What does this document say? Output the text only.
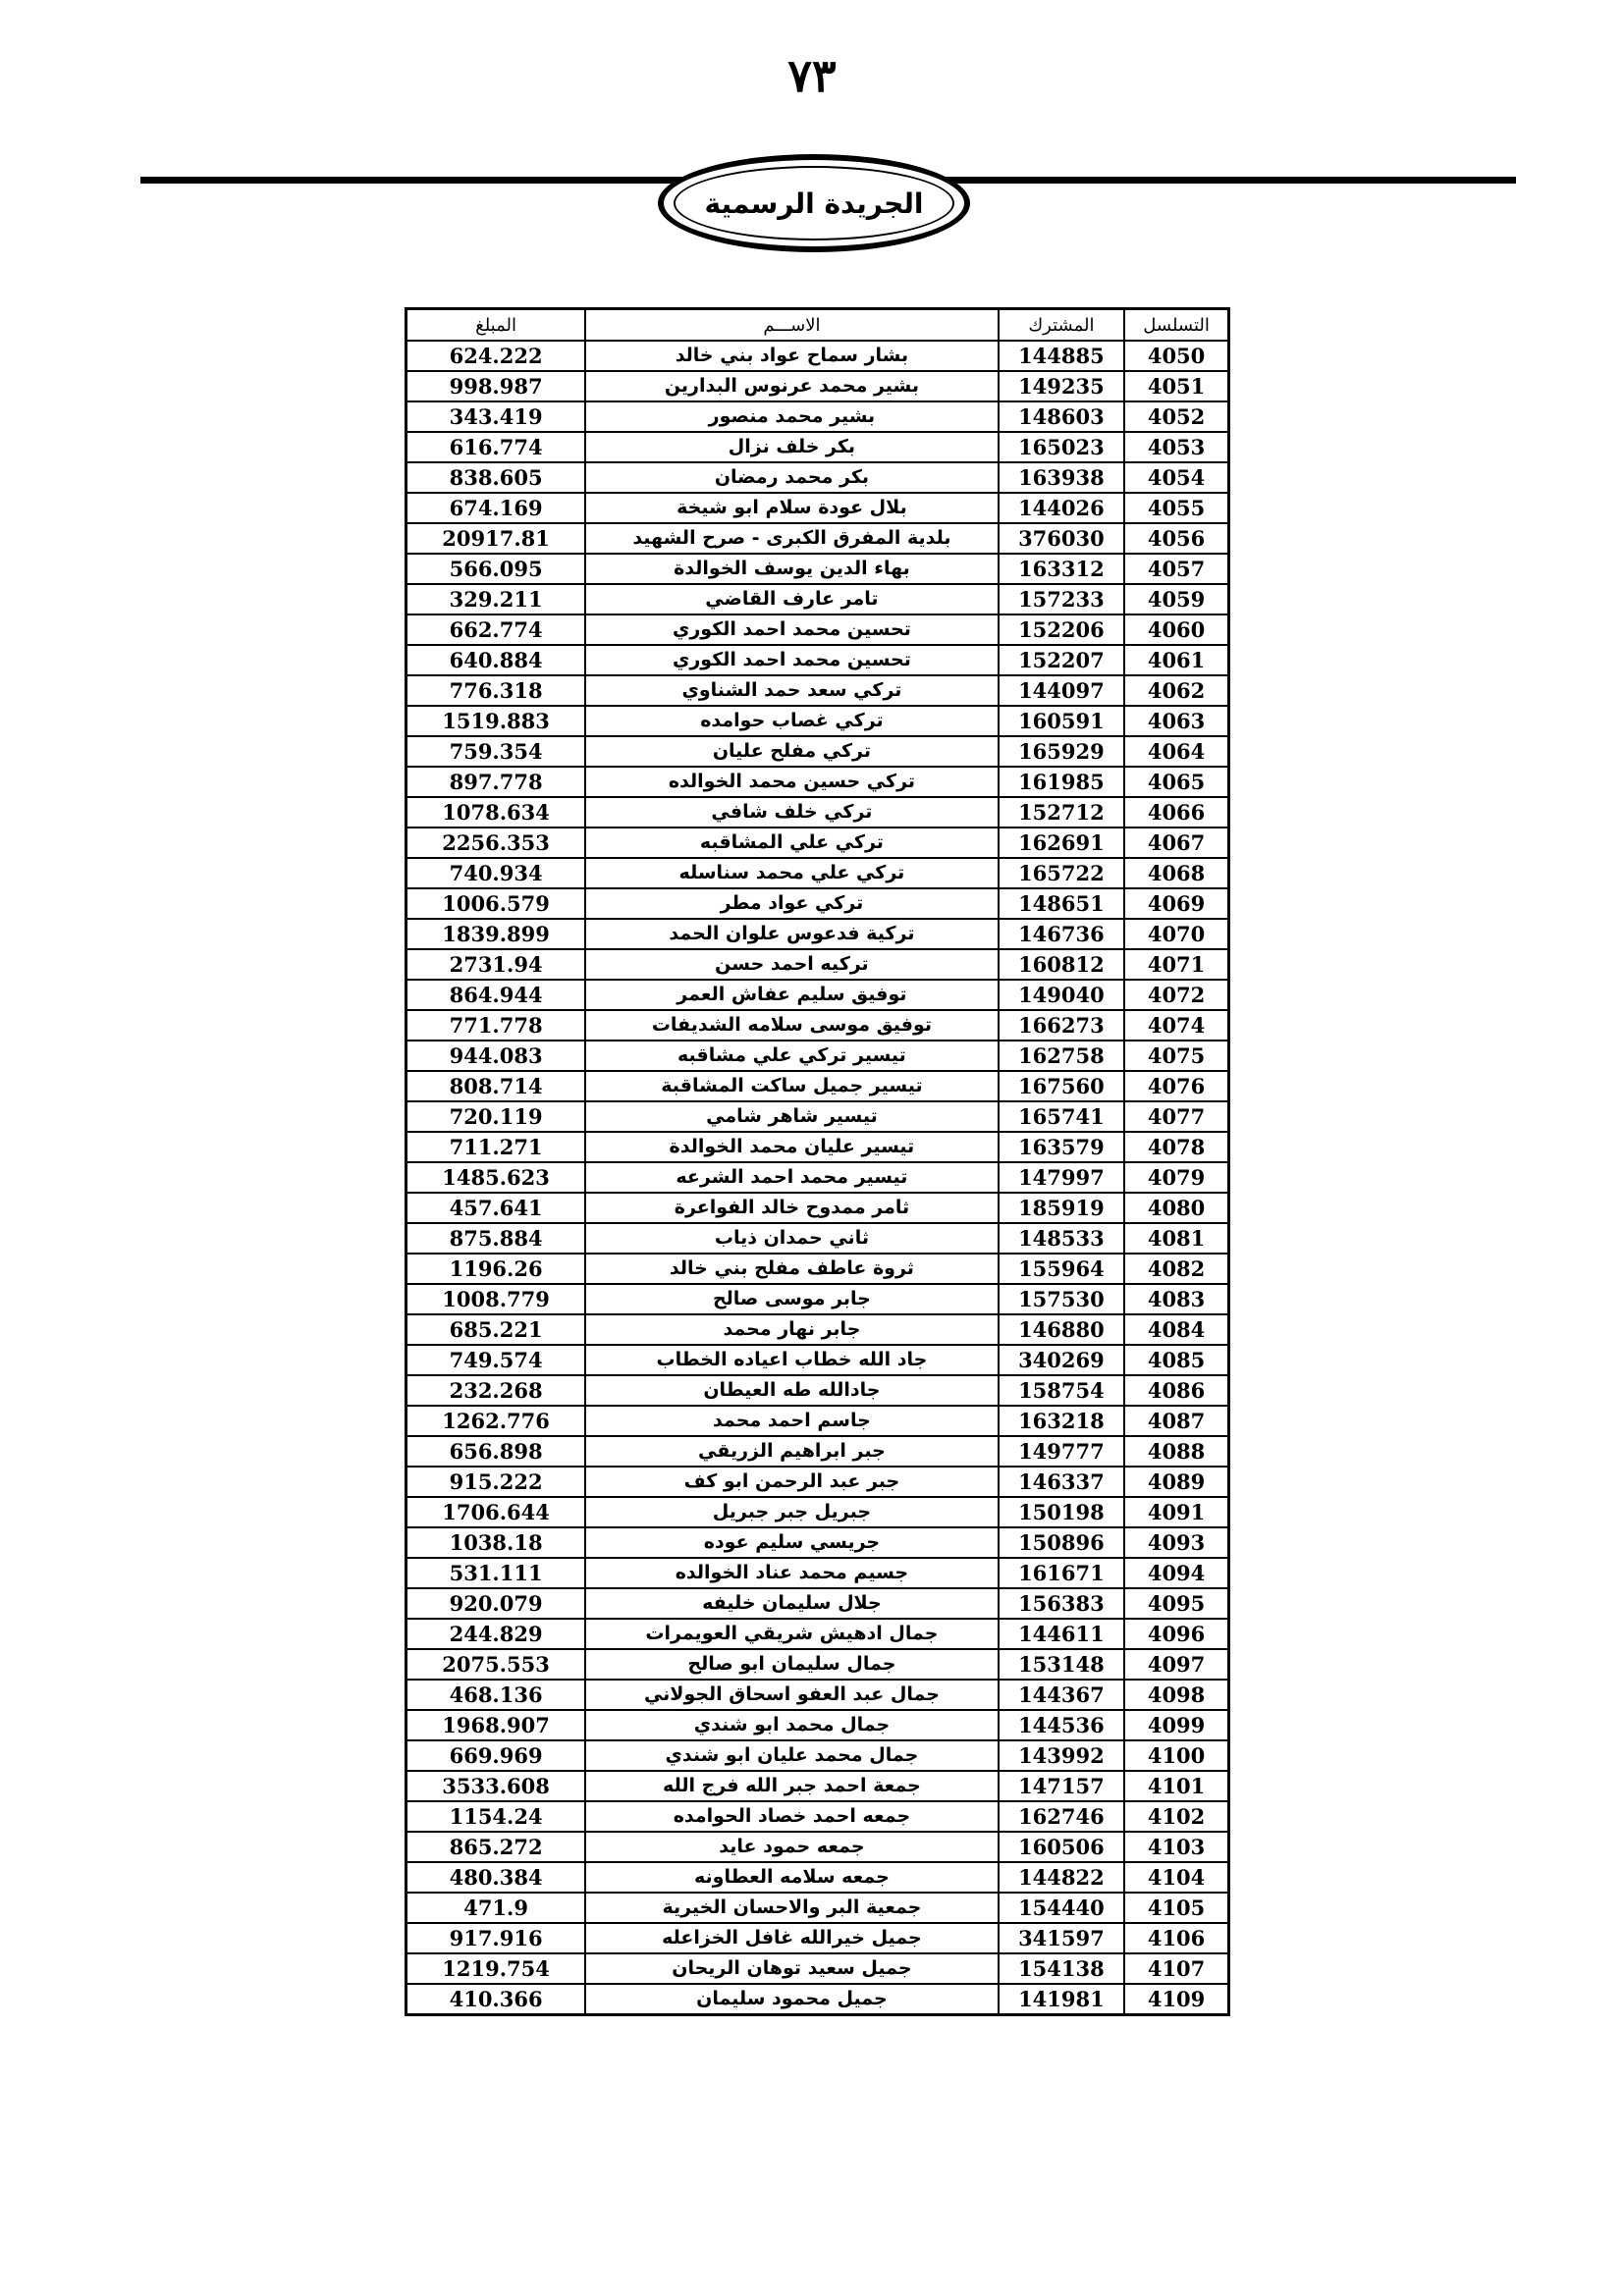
٧٣
الجريدة الرسمية
التسلسل	المشترك	الاســـم	المبلغ
4050	144885	بشار سماح عواد بني خالد	624.222
4051	149235	بشير محمد عرنوس البدارين	998.987
4052	148603	بشير محمد منصور	343.419
4053	165023	بكر خلف نزال	616.774
4054	163938	بكر محمد رمضان	838.605
4055	144026	بلال عودة سلام ابو شيخة	674.169
4056	376030	بلدية المفرق الكبرى - صرح الشهيد	20917.81
4057	163312	بهاء الدين يوسف الخوالدة	566.095
4059	157233	تامر عارف القاضي	329.211
4060	152206	تحسين محمد احمد الكوري	662.774
4061	152207	تحسين محمد احمد الكوري	640.884
4062	144097	تركي سعد حمد الشناوي	776.318
4063	160591	تركي غصاب حوامده	1519.883
4064	165929	تركي مفلح عليان	759.354
4065	161985	تركي حسين محمد الخوالده	897.778
4066	152712	تركي خلف شافي	1078.634
4067	162691	تركي علي المشاقبه	2256.353
4068	165722	تركي علي محمد سناسله	740.934
4069	148651	تركي عواد مطر	1006.579
4070	146736	تركية فدعوس علوان الحمد	1839.899
4071	160812	تركيه احمد حسن	2731.94
4072	149040	توفيق سليم عفاش العمر	864.944
4074	166273	توفيق موسى سلامه الشديفات	771.778
4075	162758	تيسير تركي علي مشاقبه	944.083
4076	167560	تيسير جميل ساكت المشاقبة	808.714
4077	165741	تيسير شاهر شامي	720.119
4078	163579	تيسير عليان محمد الخوالدة	711.271
4079	147997	تيسير محمد احمد الشرعه	1485.623
4080	185919	ثامر ممدوح خالد الفواعرة	457.641
4081	148533	ثاني حمدان ذياب	875.884
4082	155964	ثروة عاطف مفلح بني خالد	1196.26
4083	157530	جابر موسى صالح	1008.779
4084	146880	جابر نهار محمد	685.221
4085	340269	جاد الله خطاب اعياده الخطاب	749.574
4086	158754	جادالله طه العيطان	232.268
4087	163218	جاسم احمد محمد	1262.776
4088	149777	جبر ابراهيم الزريقي	656.898
4089	146337	جبر عبد الرحمن ابو كف	915.222
4091	150198	جبريل جبر جبريل	1706.644
4093	150896	جريسي سليم عوده	1038.18
4094	161671	جسيم محمد عناد الخوالده	531.111
4095	156383	جلال سليمان خليفه	920.079
4096	144611	جمال ادهيش شريقي العويمرات	244.829
4097	153148	جمال سليمان ابو صالح	2075.553
4098	144367	جمال عبد العفو اسحاق الجولاني	468.136
4099	144536	جمال محمد ابو شندي	1968.907
4100	143992	جمال محمد عليان ابو شندي	669.969
4101	147157	جمعة احمد جبر الله فرج الله	3533.608
4102	162746	جمعه احمد خصاد الحوامده	1154.24
4103	160506	جمعه حمود عايد	865.272
4104	144822	جمعه سلامه العطاونه	480.384
4105	154440	جمعية البر والاحسان الخيرية	471.9
4106	341597	جميل خيرالله غافل الخزاعله	917.916
4107	154138	جميل سعيد توهان الريحان	1219.754
4109	141981	جميل محمود سليمان	410.366
